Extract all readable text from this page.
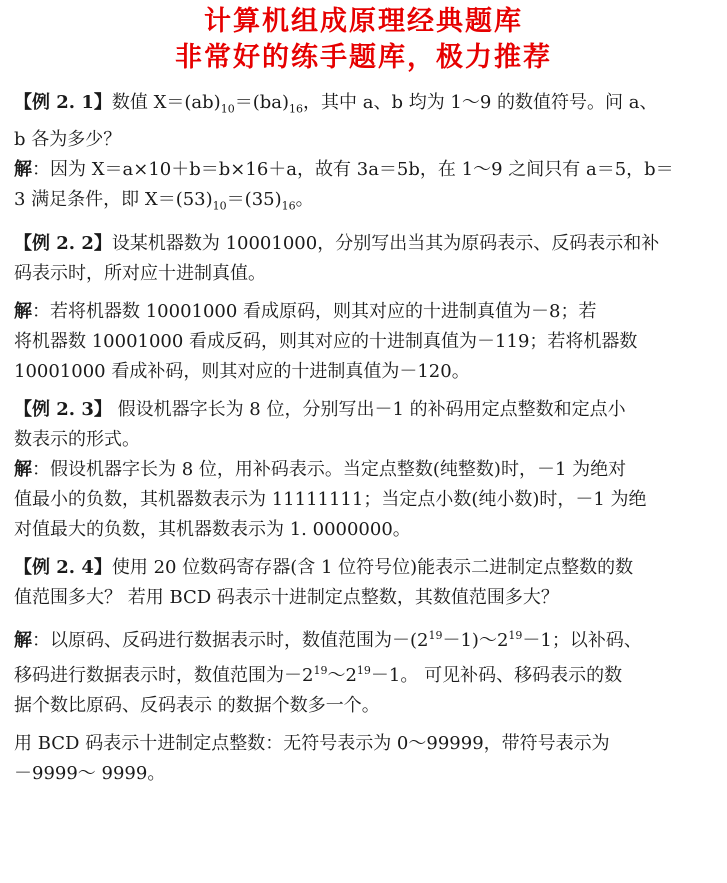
计算机组成原理经典题库
非常好的练手题库，极力推荐
【例 2. 1】数值 $X=(ab)_{10}=(ba)_{16}$，其中 a、b 均为 1～9 的数值符号。问 a、
b 各为多少？
解：因为 X＝a×10＋b＝b×16＋a，故有 3a＝5b，在 1～9 之间只有 a＝5，b＝
3 满足条件，即 $X=(53)_{10}=(35)_{16}$。
【例 2. 2】设某机器数为 10001000，分别写出当其为原码表示、反码表示和补
码表示时，所对应十进制真值。
解：若将机器数 10001000 看成原码，则其对应的十进制真值为－8；若
将机器数 10001000 看成反码，则其对应的十进制真值为－119；若将机器数
10001000 看成补码，则其对应的十进制真值为－120。
【例 2. 3】 假设机器字长为 8 位，分别写出－1 的补码用定点整数和定点小
数表示的形式。
解：假设机器字长为 8 位，用补码表示。当定点整数(纯整数)时，－1 为绝对
值最小的负数，其机器数表示为 11111111；当定点小数(纯小数)时，－1 为绝
对值最大的负数，其机器数表示为 1. 0000000。
【例 2. 4】使用 20 位数码寄存器(含 1 位符号位)能表示二进制定点整数的数
值范围多大？ 若用 BCD 码表示十进制定点整数，其数值范围多大？
解：以原码、反码进行数据表示时，数值范围为$-(2^{19}-1)\sim 2^{19}-1$；以补码、
移码进行数据表示时，数值范围为$-2^{19}\sim 2^{19}-1$。 可见补码、移码表示的数
据个数比原码、反码表示 的数据个数多一个。
用 BCD 码表示十进制定点整数：无符号表示为 0～99999，带符号表示为
－9999～ 9999。
